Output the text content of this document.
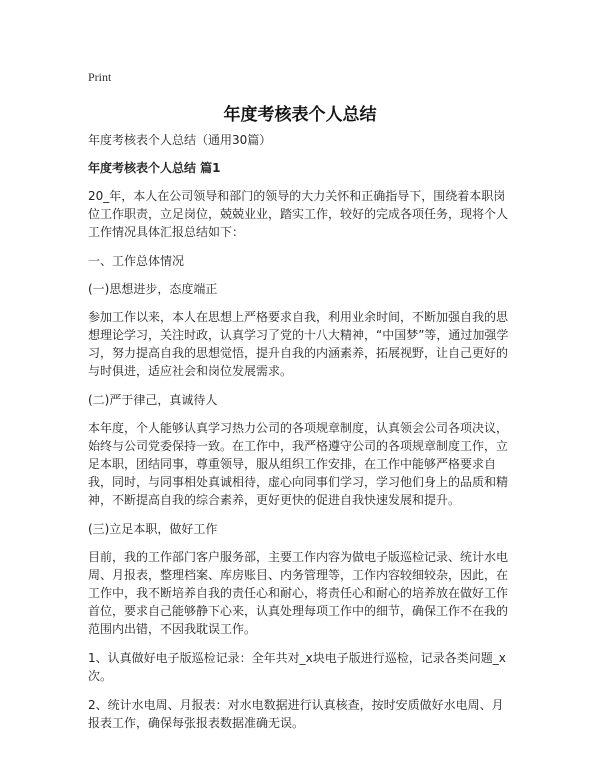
Print
年度考核表个人总结

年度考核表个人总结（通用30篇）

年度考核表个人总结 篇1

20_年，本人在公司领导和部门的领导的大力关怀和正确指导下，围绕着本职岗位工作职责，立足岗位，兢兢业业，踏实工作，较好的完成各项任务，现将个人工作情况具体汇报总结如下：

一、工作总体情况

(一)思想进步，态度端正

参加工作以来，本人在思想上严格要求自我，利用业余时间，不断加强自我的思想理论学习，关注时政，认真学习了党的十八大精神，“中国梦”等，通过加强学习，努力提高自我的思想觉悟，提升自我的内涵素养，拓展视野，让自己更好的与时俱进，适应社会和岗位发展需求。

(二)严于律己，真诚待人

本年度，个人能够认真学习热力公司的各项规章制度，认真领会公司各项决议，始终与公司党委保持一致。在工作中，我严格遵守公司的各项规章制度工作，立足本职，团结同事，尊重领导，服从组织工作安排，在工作中能够严格要求自我，同时，与同事相处真诚相待，虚心向同事们学习，学习他们身上的品质和精神，不断提高自我的综合素养，更好更快的促进自我快速发展和提升。

(三)立足本职，做好工作

目前，我的工作部门客户服务部，主要工作内容为做电子版巡检记录、统计水电周、月报表，整理档案、库房账目、内务管理等，工作内容较细较杂，因此，在工作中，我不断培养自我的责任心和耐心，将责任心和耐心的培养放在做好工作首位，要求自己能够静下心来，认真处理每项工作中的细节，确保工作不在我的范围内出错，不因我耽误工作。

1、认真做好电子版巡检记录：全年共对_x块电子版进行巡检，记录各类问题_x次。

2、统计水电周、月报表：对水电数据进行认真核查，按时安质做好水电周、月报表工作，确保每张报表数据准确无误。
